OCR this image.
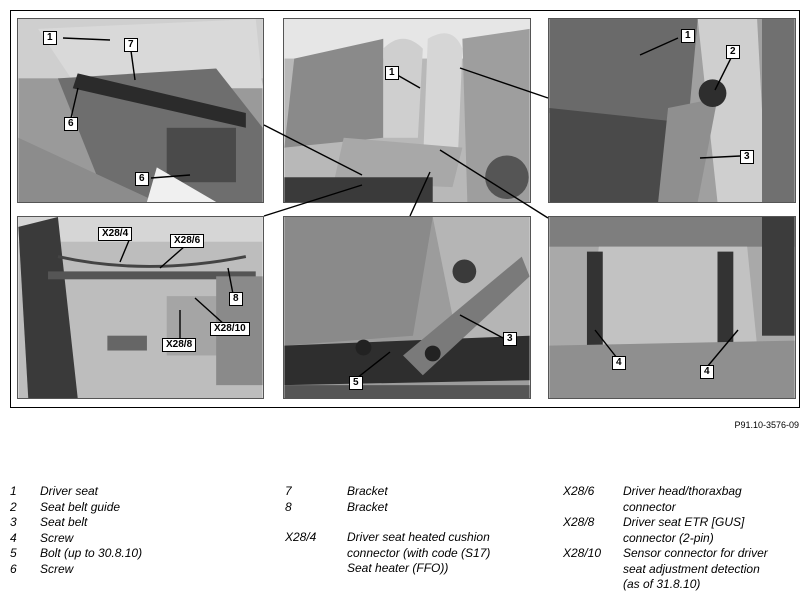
1
7
6
6
1
1
2
3
X28/4
X28/6
8
X28/10
X28/8
3
5
4
4
P91.10-3576-09
1	Driver seat
2	Seat belt guide
3	Seat belt
4	Screw
5	Bolt (up to 30.8.10)
6	Screw
7	Bracket
8	Bracket
X28/4	Driver seat heated cushion
connector (with code (S17)
Seat heater (FFO))
X28/6	Driver head/thoraxbag
connector
X28/8	Driver seat ETR [GUS]
connector (2-pin)
X28/10	Sensor connector for driver
seat adjustment detection
(as of 31.8.10)
